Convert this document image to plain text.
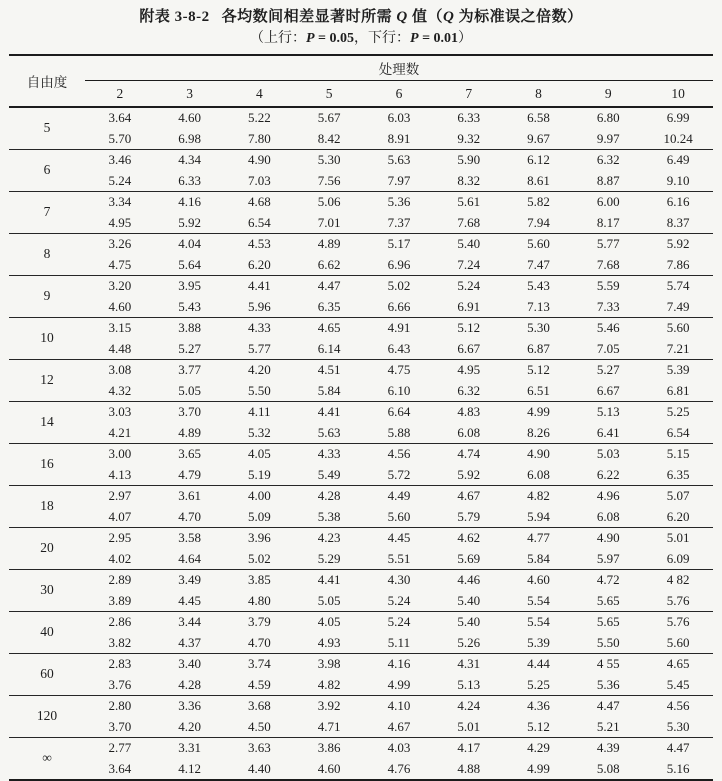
附表 3-8-2 各均数间相差显著时所需 Q 值（Q 为标准误之倍数）
（上行：P = 0.05，下行：P = 0.01）
自由度	处理数								
	2	3	4	5	6	7	8	9	10
5	3.64	4.60	5.22	5.67	6.03	6.33	6.58	6.80	6.99
	5.70	6.98	7.80	8.42	8.91	9.32	9.67	9.97	10.24
6	3.46	4.34	4.90	5.30	5.63	5.90	6.12	6.32	6.49
	5.24	6.33	7.03	7.56	7.97	8.32	8.61	8.87	9.10
7	3.34	4.16	4.68	5.06	5.36	5.61	5.82	6.00	6.16
	4.95	5.92	6.54	7.01	7.37	7.68	7.94	8.17	8.37
8	3.26	4.04	4.53	4.89	5.17	5.40	5.60	5.77	5.92
	4.75	5.64	6.20	6.62	6.96	7.24	7.47	7.68	7.86
9	3.20	3.95	4.41	4.47	5.02	5.24	5.43	5.59	5.74
	4.60	5.43	5.96	6.35	6.66	6.91	7.13	7.33	7.49
10	3.15	3.88	4.33	4.65	4.91	5.12	5.30	5.46	5.60
	4.48	5.27	5.77	6.14	6.43	6.67	6.87	7.05	7.21
12	3.08	3.77	4.20	4.51	4.75	4.95	5.12	5.27	5.39
	4.32	5.05	5.50	5.84	6.10	6.32	6.51	6.67	6.81
14	3.03	3.70	4.11	4.41	6.64	4.83	4.99	5.13	5.25
	4.21	4.89	5.32	5.63	5.88	6.08	8.26	6.41	6.54
16	3.00	3.65	4.05	4.33	4.56	4.74	4.90	5.03	5.15
	4.13	4.79	5.19	5.49	5.72	5.92	6.08	6.22	6.35
18	2.97	3.61	4.00	4.28	4.49	4.67	4.82	4.96	5.07
	4.07	4.70	5.09	5.38	5.60	5.79	5.94	6.08	6.20
20	2.95	3.58	3.96	4.23	4.45	4.62	4.77	4.90	5.01
	4.02	4.64	5.02	5.29	5.51	5.69	5.84	5.97	6.09
30	2.89	3.49	3.85	4.41	4.30	4.46	4.60	4.72	4 82
	3.89	4.45	4.80	5.05	5.24	5.40	5.54	5.65	5.76
40	2.86	3.44	3.79	4.05	5.24	5.40	5.54	5.65	5.76
	3.82	4.37	4.70	4.93	5.11	5.26	5.39	5.50	5.60
60	2.83	3.40	3.74	3.98	4.16	4.31	4.44	4 55	4.65
	3.76	4.28	4.59	4.82	4.99	5.13	5.25	5.36	5.45
120	2.80	3.36	3.68	3.92	4.10	4.24	4.36	4.47	4.56
	3.70	4.20	4.50	4.71	4.67	5.01	5.12	5.21	5.30
∞	2.77	3.31	3.63	3.86	4.03	4.17	4.29	4.39	4.47
	3.64	4.12	4.40	4.60	4.76	4.88	4.99	5.08	5.16
